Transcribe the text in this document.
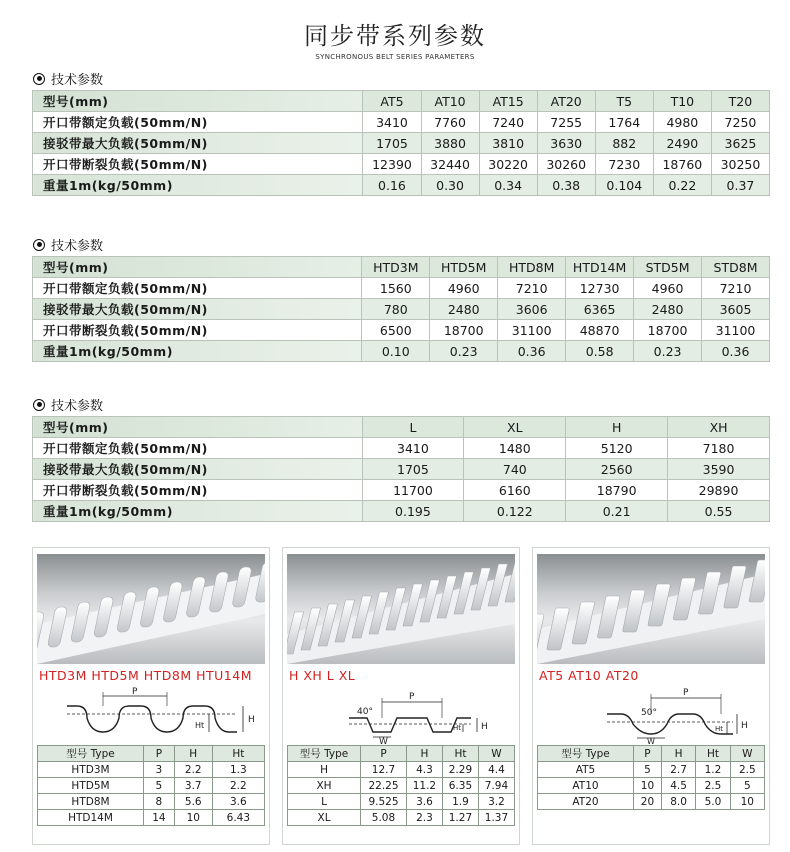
同步带系列参数
SYNCHRONOUS BELT SERIES PARAMETERS
技术参数
型号(mm)	AT5	AT10	AT15	AT20	T5	T10	T20
开口带额定负载(50mm/N)	3410	7760	7240	7255	1764	4980	7250
接驳带最大负载(50mm/N)	1705	3880	3810	3630	882	2490	3625
开口带断裂负载(50mm/N)	12390	32440	30220	30260	7230	18760	30250
重量1m(kg/50mm)	0.16	0.30	0.34	0.38	0.104	0.22	0.37
技术参数
型号(mm)	HTD3M	HTD5M	HTD8M	HTD14M	STD5M	STD8M
开口带额定负载(50mm/N)	1560	4960	7210	12730	4960	7210
接驳带最大负载(50mm/N)	780	2480	3606	6365	2480	3605
开口带断裂负载(50mm/N)	6500	18700	31100	48870	18700	31100
重量1m(kg/50mm)	0.10	0.23	0.36	0.58	0.23	0.36
技术参数
型号(mm)	L	XL	H	XH
开口带额定负载(50mm/N)	3410	1480	5120	7180
接驳带最大负载(50mm/N)	1705	740	2560	3590
开口带断裂负载(50mm/N)	11700	6160	18790	29890
重量1m(kg/50mm)	0.195	0.122	0.21	0.55
HTD3M HTD5M HTD8M HTU14M
P
H
Ht
型号 Type	P	H	Ht
HTD3M	3	2.2	1.3
HTD5M	5	3.7	2.2
HTD8M	8	5.6	3.6
HTD14M	14	10	6.43
H XH L XL
P
40°
H
Ht
W
型号 Type	P	H	Ht	W
H	12.7	4.3	2.29	4.4
XH	22.25	11.2	6.35	7.94
L	9.525	3.6	1.9	3.2
XL	5.08	2.3	1.27	1.37
AT5 AT10 AT20
P
50°
H
Ht
W
型号 Type	P	H	Ht	W
AT5	5	2.7	1.2	2.5
AT10	10	4.5	2.5	5
AT20	20	8.0	5.0	10
